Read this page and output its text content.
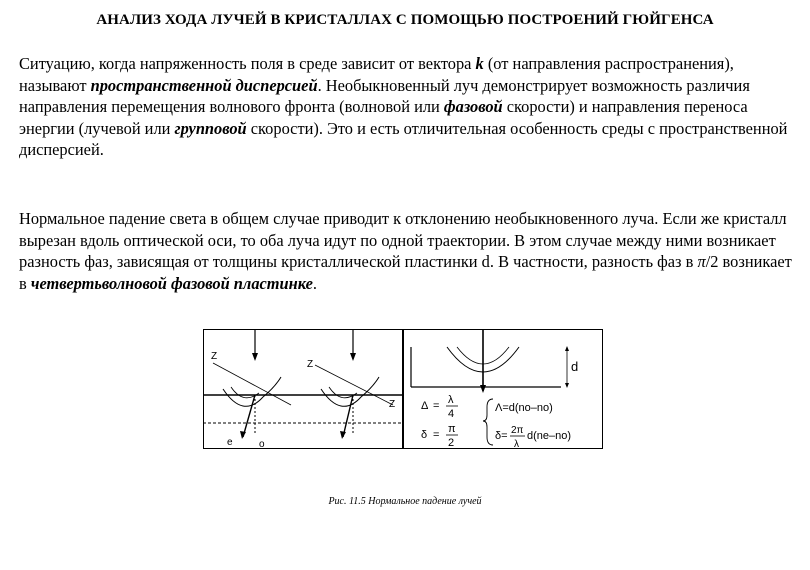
АНАЛИЗ ХОДА ЛУЧЕЙ В КРИСТАЛЛАХ С ПОМОЩЬЮ ПОСТРОЕНИЙ ГЮЙГЕНСА

Ситуацию, когда напряженность поля в среде зависит от вектора k (от направления распространения), называют пространственной дисперсией. Необыкновенный луч демонстрирует возможность различия направления перемещения волнового фронта (волновой или фазовой скорости) и направления переноса энергии (лучевой или групповой скорости). Это и есть отличительная особенность среды с пространственной дисперсией.

Нормальное падение света в общем случае приводит к отклонению необыкновенного луча. Если же кристалл вырезан вдоль оптической оси, то оба луча идут по одной траектории. В этом случае между ними возникает разность фаз, зависящая от толщины кристаллической пластинки d. В частности, разность фаз в π/2 возникает в четвертьволновой фазовой пластинке.

Z
e	o
Z
Z
d
Δ = λ
4
δ = π
2
Λ=d(no–no)
δ= 2π
λ
d(ne–no)
Рис. 11.5 Нормальное падение лучей
